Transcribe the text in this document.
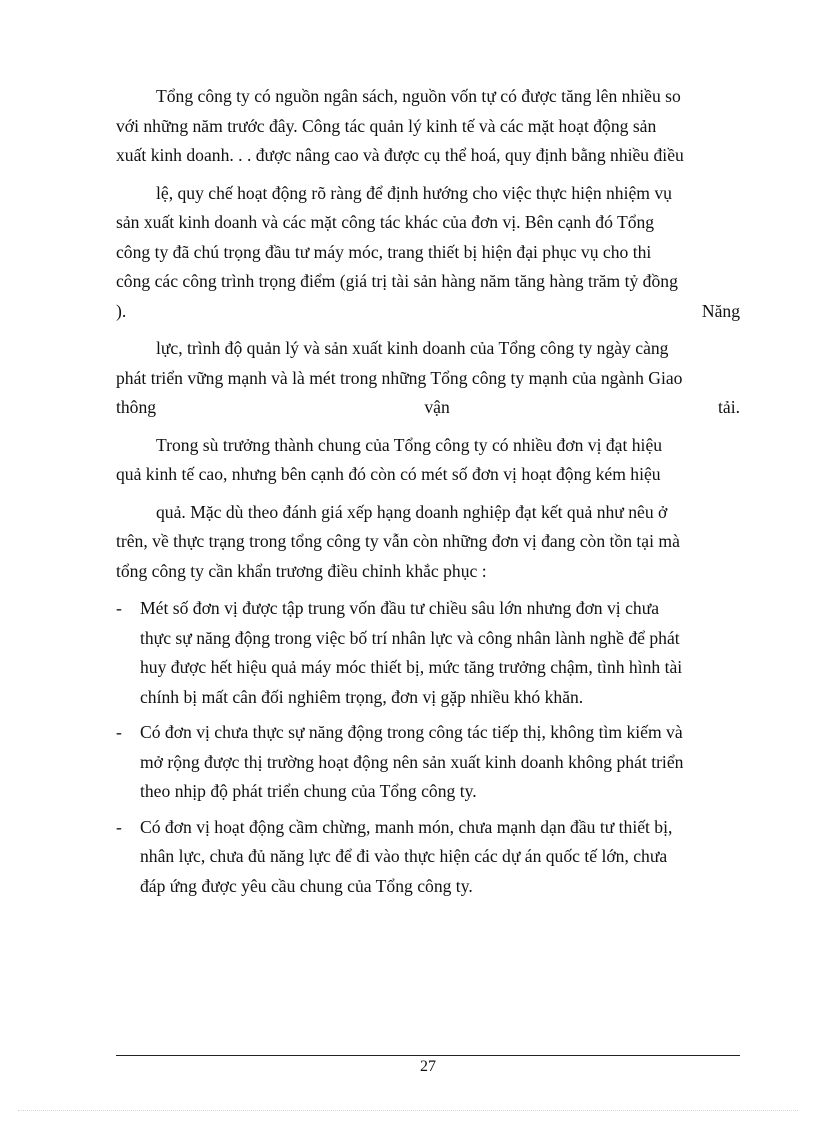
Tổng công ty có nguồn ngân sách, nguồn vốn tự có được tăng lên nhiều so
với những năm trước đây. Công tác quản lý kinh tế và các mặt hoạt động sản
xuất kinh doanh. . . được nâng cao và được cụ thể hoá, quy định bằng nhiều điều

lệ, quy chế hoạt động rõ ràng để định hướng cho việc thực hiện nhiệm vụ
sản xuất kinh doanh và các mặt công tác khác của đơn vị. Bên cạnh đó Tổng
công ty đã chú trọng đầu tư máy móc, trang thiết bị hiện đại phục vụ cho thi
công các công trình trọng điểm (giá trị tài sản hàng năm tăng hàng trăm tỷ đồng
).	Năng

lực, trình độ quản lý và sản xuất kinh doanh của Tổng công ty ngày càng
phát triển vững mạnh và là mét trong những Tổng công ty mạnh của ngành Giao
thông	vận	tải.

Trong sù trưởng thành chung của Tổng công ty có nhiều đơn vị đạt hiệu
quả kinh tế cao, nhưng bên cạnh đó còn có mét số đơn vị hoạt động kém hiệu

quả. Mặc dù theo đánh giá xếp hạng doanh nghiệp đạt kết quả như nêu ở
trên, về thực trạng trong tổng công ty vẫn còn những đơn vị đang còn tồn tại mà
tổng công ty cần khẩn trương điều chỉnh khắc phục :

- Mét số đơn vị được tập trung vốn đầu tư chiều sâu lớn nhưng đơn vị chưa
thực sự năng động trong việc bố trí nhân lực và công nhân lành nghề để phát
huy được hết hiệu quả máy móc thiết bị, mức tăng trưởng chậm, tình hình tài
chính bị mất cân đối nghiêm trọng, đơn vị gặp nhiều khó khăn.
- Có đơn vị chưa thực sự năng động trong công tác tiếp thị, không tìm kiếm và
mở rộng được thị trường hoạt động nên sản xuất kinh doanh không phát triển
theo nhịp độ phát triển chung của Tổng công ty.
- Có đơn vị hoạt động cầm chừng, manh món, chưa mạnh dạn đầu tư thiết bị,
nhân lực, chưa đủ năng lực để đi vào thực hiện các dự án quốc tế lớn, chưa
đáp ứng được yêu cầu chung của Tổng công ty.
27
